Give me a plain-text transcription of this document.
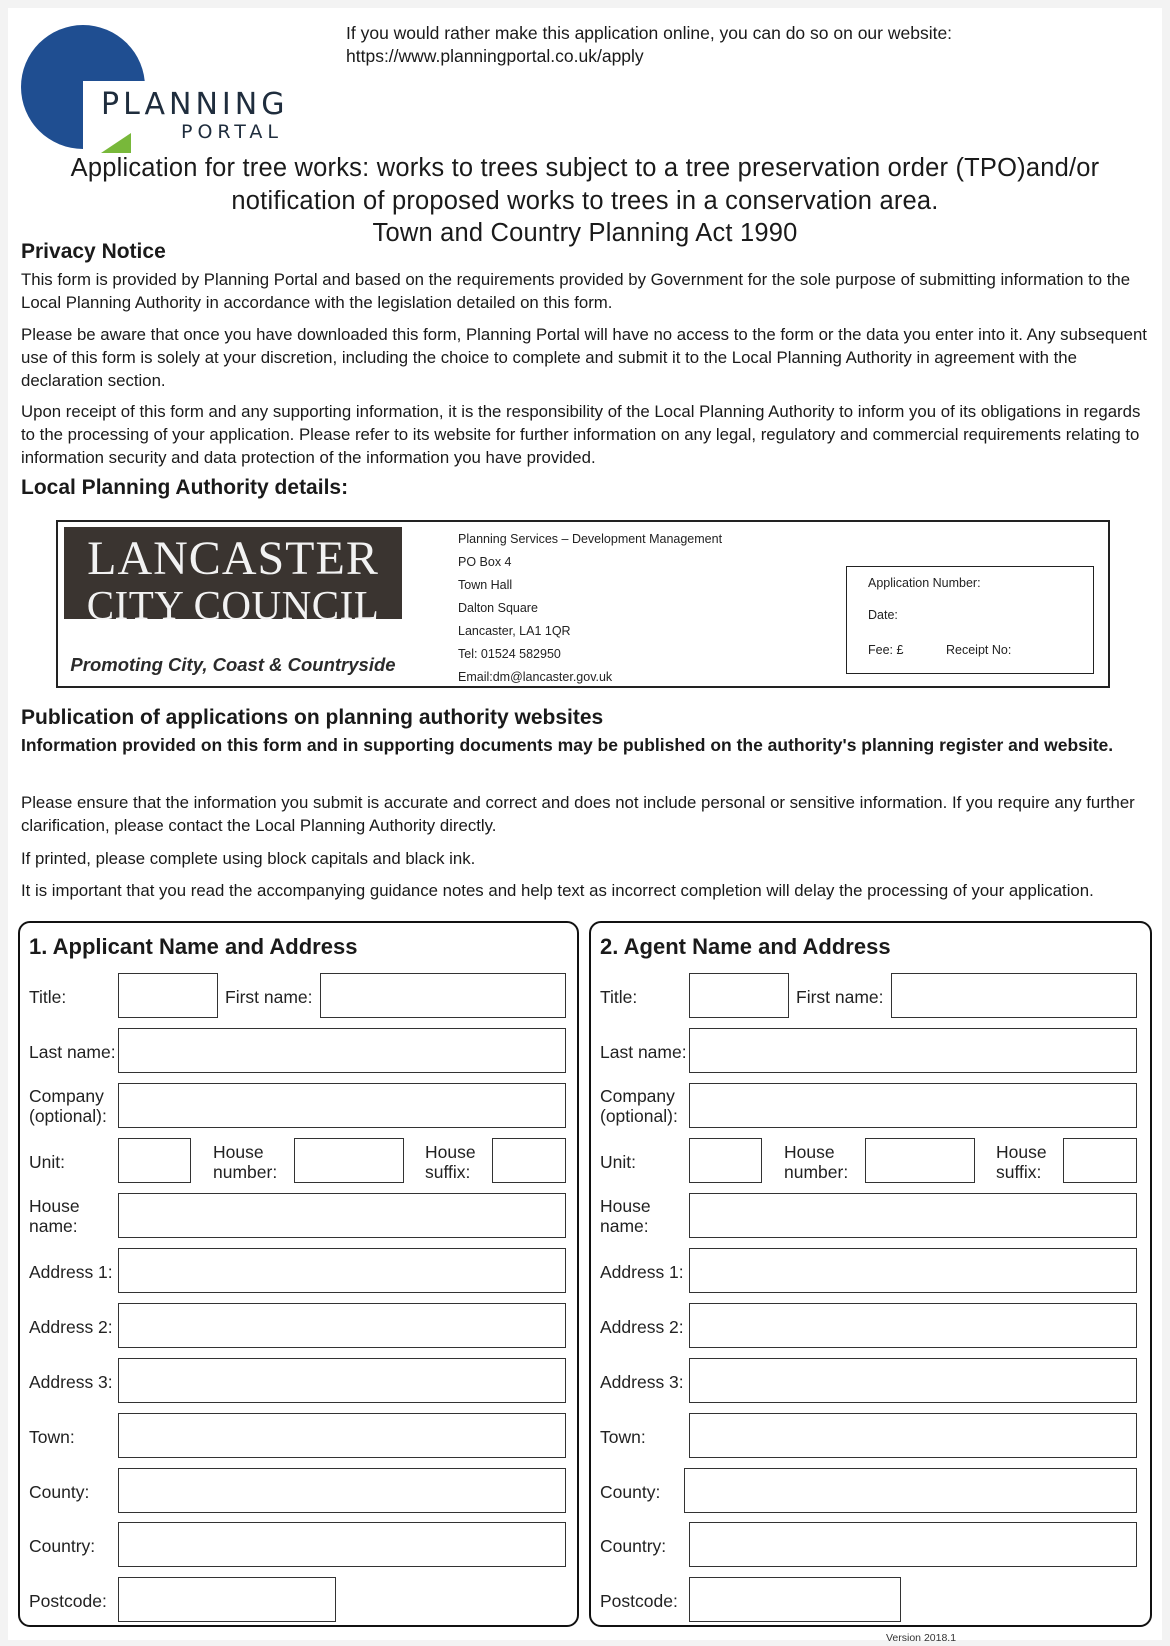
PLANNING
PORTAL
If you would rather make this application online, you can do so on our website:
https://www.planningportal.co.uk/apply
Application for tree works: works to trees subject to a tree preservation order (TPO)and/or
notification of proposed works to trees in a conservation area.
Town and Country Planning Act 1990
Privacy Notice
This form is provided by Planning Portal and based on the requirements provided by Government for the sole purpose of submitting information to the Local Planning Authority in accordance with the legislation detailed on this form.
Please be aware that once you have downloaded this form, Planning Portal will have no access to the form or the data you enter into it. Any subsequent use of this form is solely at your discretion, including the choice to complete and submit it to the Local Planning Authority in agreement with the declaration section.
Upon receipt of this form and any supporting information, it is the responsibility of the Local Planning Authority to inform you of its obligations in regards to the processing of your application. Please refer to its website for further information on any legal, regulatory and commercial requirements relating to information security and data protection of the information you have provided.
Local Planning Authority details:
LANCASTER
CITY COUNCIL
Promoting City, Coast & Countryside
Planning Services – Development Management
PO Box 4
Town Hall
Dalton Square
Lancaster, LA1 1QR
Tel: 01524 582950
Email:dm@lancaster.gov.uk
Application Number:
Date:
Fee: £	Receipt No:
Publication of applications on planning authority websites
Information provided on this form and in supporting documents may be published on the authority's planning register and website.
Please ensure that the information you submit is accurate and correct and does not include personal or sensitive information. If you require any further clarification, please contact the Local Planning Authority directly.
If printed, please complete using block capitals and black ink.
It is important that you read the accompanying guidance notes and help text as incorrect completion will delay the processing of your application.
1. Applicant Name and Address
Title:	First name:
Last name:
Company
(optional):
Unit:	House
number:
House
suffix:
House
name:
Address 1:
Address 2:
Address 3:
Town:
County:
Country:
Postcode:
2. Agent Name and Address
Title:	First name:
Last name:
Company
(optional):
Unit:	House
number:
House
suffix:
House
name:
Address 1:
Address 2:
Address 3:
Town:
County:
Country:
Postcode:
Version 2018.1
